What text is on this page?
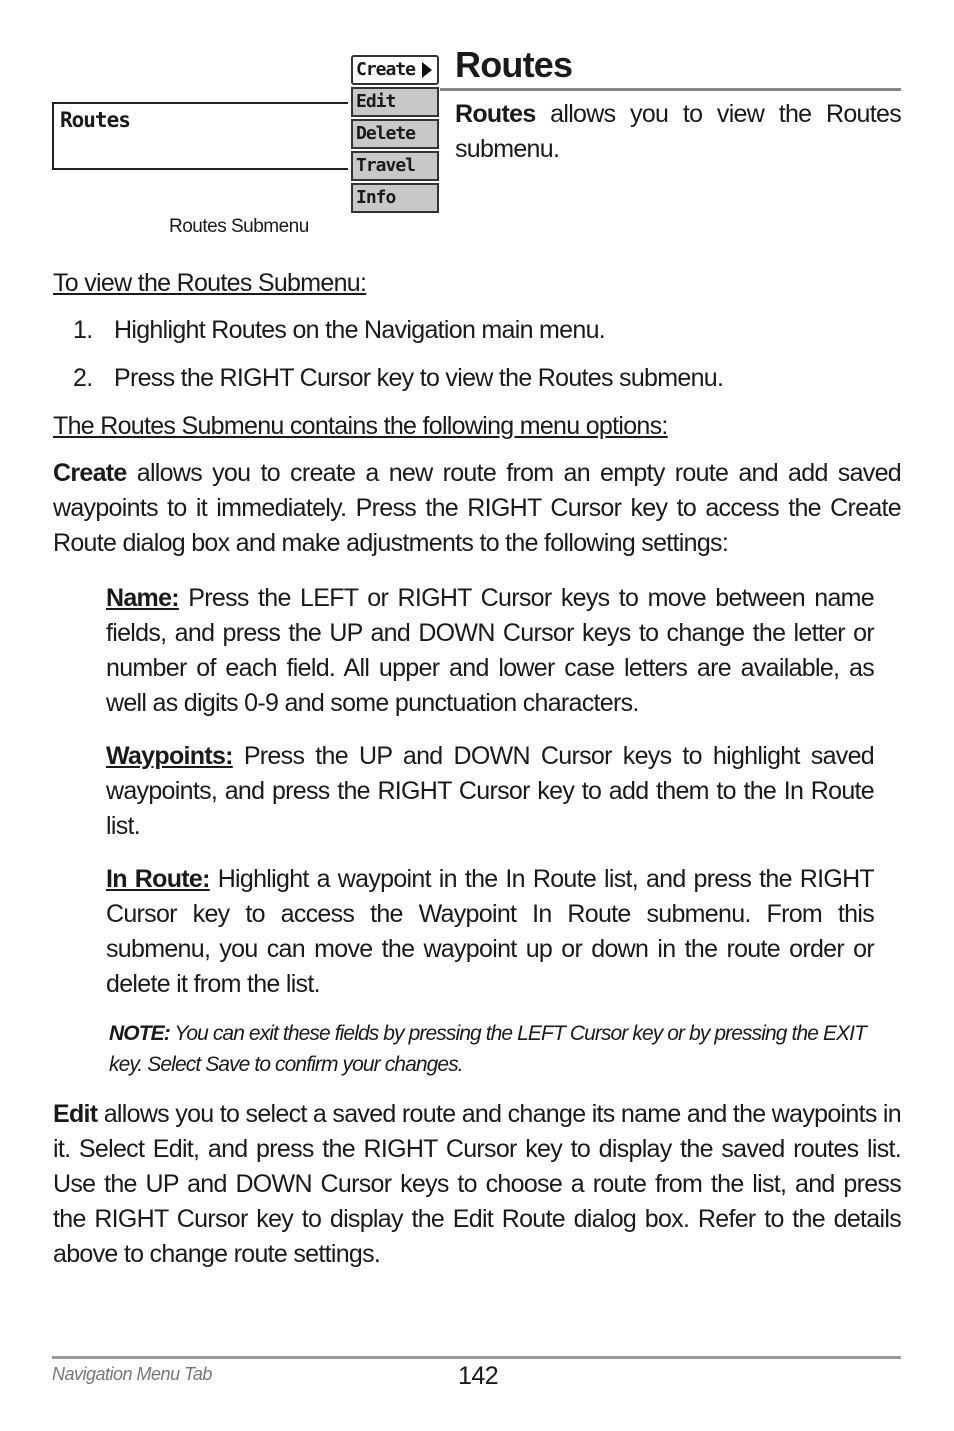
Routes
Create
Edit
Delete
Travel
Info
Routes Submenu
Routes
Routes allows you to view the Routes submenu.

To view the Routes Submenu:

1. Highlight Routes on the Navigation main menu.
2. Press the RIGHT Cursor key to view the Routes submenu.

The Routes Submenu contains the following menu options:

Create allows you to create a new route from an empty route and add saved waypoints to it immediately. Press the RIGHT Cursor key to access the Create Route dialog box and make adjustments to the following settings:

Name: Press the LEFT or RIGHT Cursor keys to move between name fields, and press the UP and DOWN Cursor keys to change the letter or number of each field. All upper and lower case letters are available, as well as digits 0-9 and some punctuation characters.

Waypoints: Press the UP and DOWN Cursor keys to highlight saved waypoints, and press the RIGHT Cursor key to add them to the In Route list.

In Route: Highlight a waypoint in the In Route list, and press the RIGHT Cursor key to access the Waypoint In Route submenu. From this submenu, you can move the waypoint up or down in the route order or delete it from the list.

NOTE: You can exit these fields by pressing the LEFT Cursor key or by pressing the EXIT key. Select Save to confirm your changes.

Edit allows you to select a saved route and change its name and the waypoints in it. Select Edit, and press the RIGHT Cursor key to display the saved routes list. Use the UP and DOWN Cursor keys to choose a route from the list, and press the RIGHT Cursor key to display the Edit Route dialog box. Refer to the details above to change route settings.

Navigation Menu Tab	142
